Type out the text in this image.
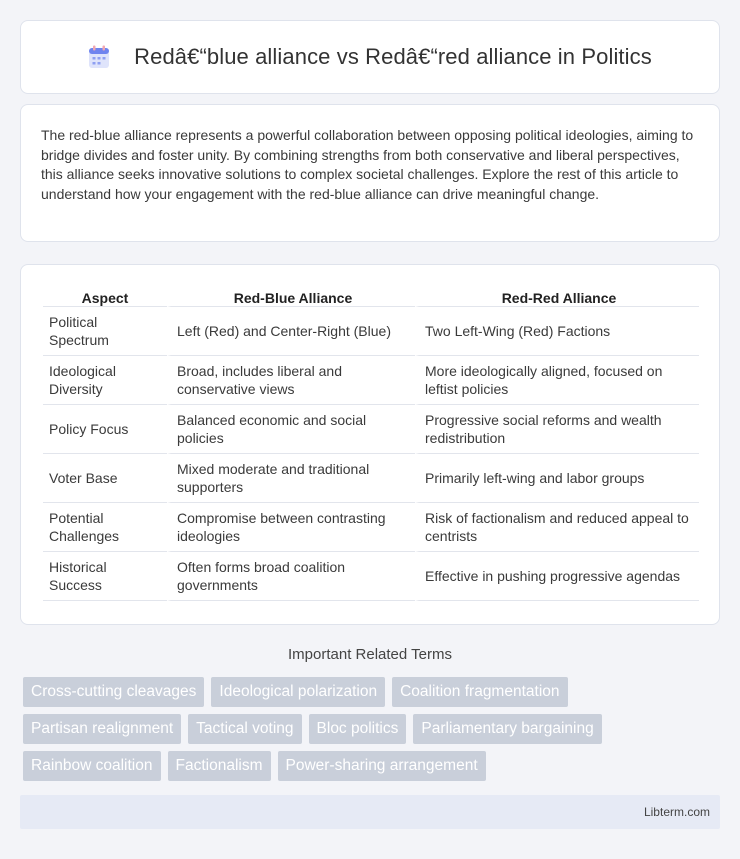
Redâ€“blue alliance vs Redâ€“red alliance in Politics

The red-blue alliance represents a powerful collaboration between opposing political ideologies, aiming to bridge divides and foster unity. By combining strengths from both conservative and liberal perspectives, this alliance seeks innovative solutions to complex societal challenges. Explore the rest of this article to understand how your engagement with the red-blue alliance can drive meaningful change.

Aspect	Red-Blue Alliance	Red-Red Alliance
Political Spectrum	Left (Red) and Center-Right (Blue)	Two Left-Wing (Red) Factions
Ideological Diversity	Broad, includes liberal and conservative views	More ideologically aligned, focused on leftist policies
Policy Focus	Balanced economic and social policies	Progressive social reforms and wealth redistribution
Voter Base	Mixed moderate and traditional supporters	Primarily left-wing and labor groups
Potential Challenges	Compromise between contrasting ideologies	Risk of factionalism and reduced appeal to centrists
Historical Success	Often forms broad coalition governments	Effective in pushing progressive agendas
Important Related Terms
Cross-cutting cleavages	Ideological polarization	Coalition fragmentation
Partisan realignment	Tactical voting	Bloc politics	Parliamentary bargaining
Rainbow coalition	Factionalism	Power-sharing arrangement
Libterm.com
